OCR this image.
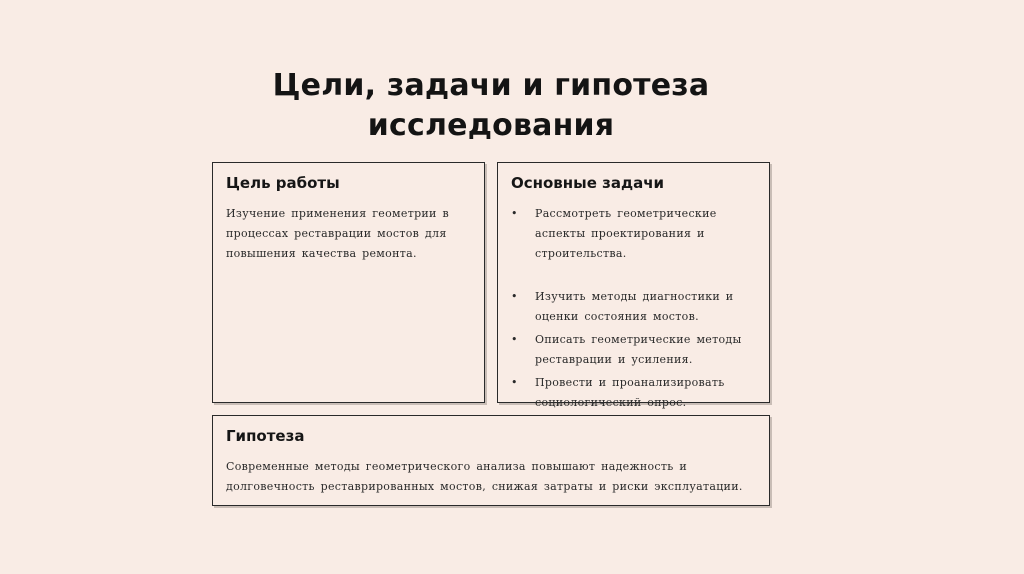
Цели, задачи и гипотеза
исследования
Цель работы

Изучение применения геометрии в процессах реставрации мостов для повышения качества ремонта.

Основные задачи
• Рассмотреть геометрические аспекты проектирования и строительства.
• Изучить методы диагностики и оценки состояния мостов.
• Описать геометрические методы реставрации и усиления.
• Провести и проанализировать социологический опрос.
Гипотеза

Современные методы геометрического анализа повышают надежность и долговечность реставрированных мостов, снижая затраты и риски эксплуатации.
